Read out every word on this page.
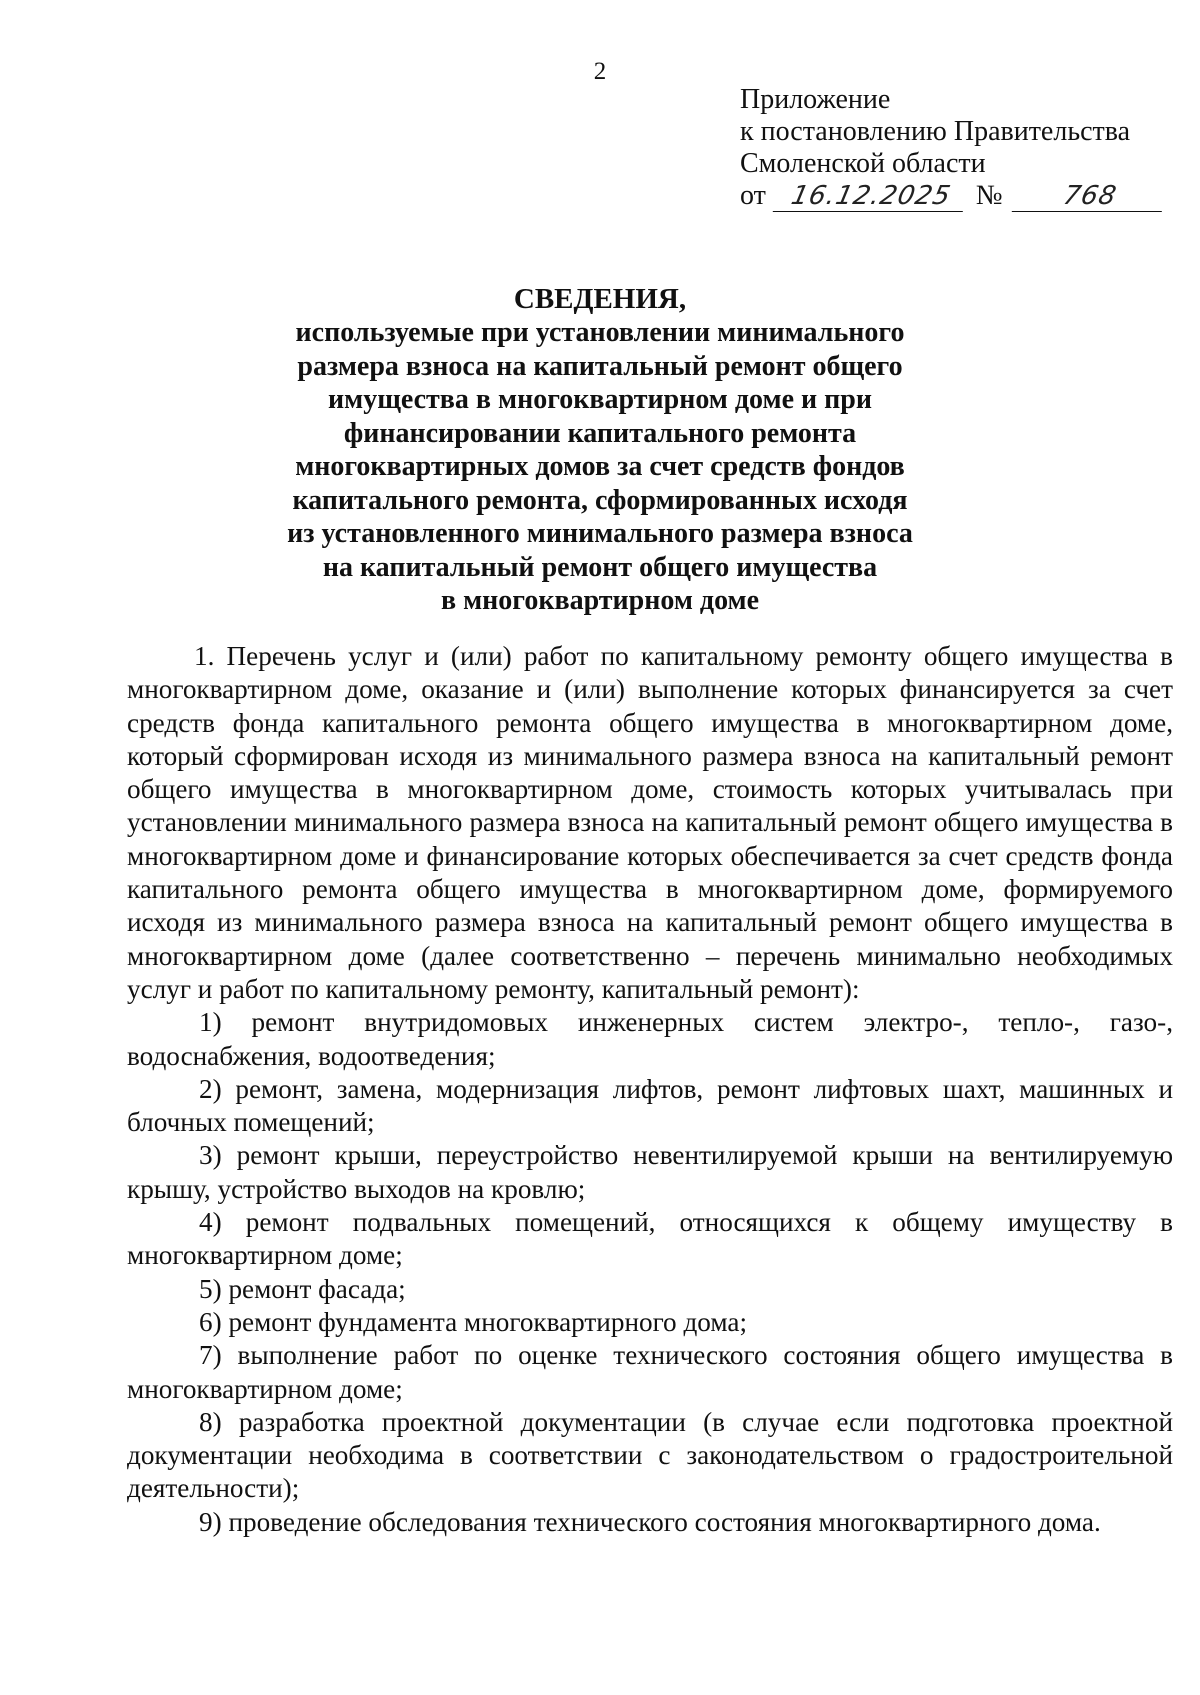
2
Приложение
к постановлению Правительства
Смоленской области
от 16.12.2025 №	768
СВЕДЕНИЯ,
используемые при установлении минимального
размера взноса на капитальный ремонт общего
имущества в многоквартирном доме и при
финансировании капитального ремонта
многоквартирных домов за счет средств фондов
капитального ремонта, сформированных исходя
из установленного минимального размера взноса
на капитальный ремонт общего имущества
в многоквартирном доме

1. Перечень услуг и (или) работ по капитальному ремонту общего имущества в многоквартирном доме, оказание и (или) выполнение которых финансируется за счет средств фонда капитального ремонта общего имущества в многоквартирном доме, который сформирован исходя из минимального размера взноса на капитальный ремонт общего имущества в многоквартирном доме, стоимость которых учитывалась при установлении минимального размера взноса на капитальный ремонт общего имущества в многоквартирном доме и финансирование которых обеспечивается за счет средств фонда капитального ремонта общего имущества в многоквартирном доме, формируемого исходя из минимального размера взноса на капитальный ремонт общего имущества в многоквартирном доме (далее соответственно – перечень минимально необходимых услуг и работ по капитальному ремонту, капитальный ремонт):

1) ремонт внутридомовых инженерных систем электро-, тепло-, газо-, водоснабжения, водоотведения;

2) ремонт, замена, модернизация лифтов, ремонт лифтовых шахт, машинных и блочных помещений;

3) ремонт крыши, переустройство невентилируемой крыши на вентилируемую крышу, устройство выходов на кровлю;

4) ремонт подвальных помещений, относящихся к общему имуществу в многоквартирном доме;

5) ремонт фасада;

6) ремонт фундамента многоквартирного дома;

7) выполнение работ по оценке технического состояния общего имущества в многоквартирном доме;

8) разработка проектной документации (в случае если подготовка проектной документации необходима в соответствии с законодательством о градостроительной деятельности);

9) проведение обследования технического состояния многоквартирного дома.
